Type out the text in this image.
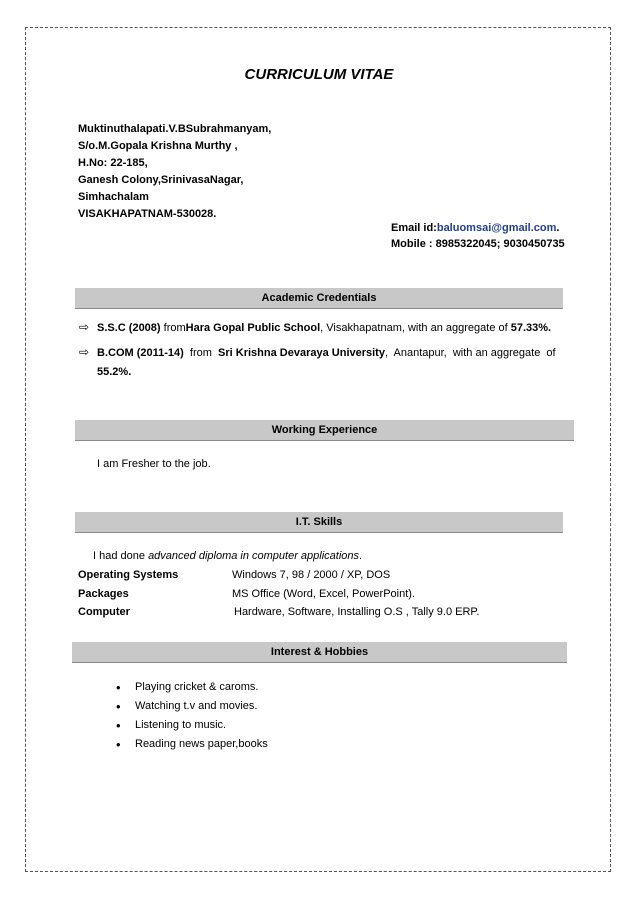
CURRICULUM VITAE
Muktinuthalapati.V.BSubrahmanyam,
S/o.M.Gopala Krishna Murthy ,
H.No: 22-185,
Ganesh Colony,SrinivasaNagar,
Simhachalam
VISAKHAPATNAM-530028.
Email id:baluomsai@gmail.com.
Mobile : 8985322045; 9030450735
Academic Credentials
⇨ S.S.C (2008) fromHara Gopal Public School, Visakhapatnam, with an aggregate of 57.33%.
⇨ B.COM (2011-14)  from  Sri Krishna Devaraya University,  Anantapur,  with an aggregate  of
55.2%.
Working Experience
I am Fresher to the job.
I.T. Skills
I had done advanced diploma in computer applications.
Operating Systems	Windows 7, 98 / 2000 / XP, DOS
Packages	MS Office (Word, Excel, PowerPoint).
Computer	Hardware, Software, Installing O.S , Tally 9.0 ERP.
Interest & Hobbies
• Playing cricket & caroms.
• Watching t.v and movies.
• Listening to music.
• Reading news paper,books
